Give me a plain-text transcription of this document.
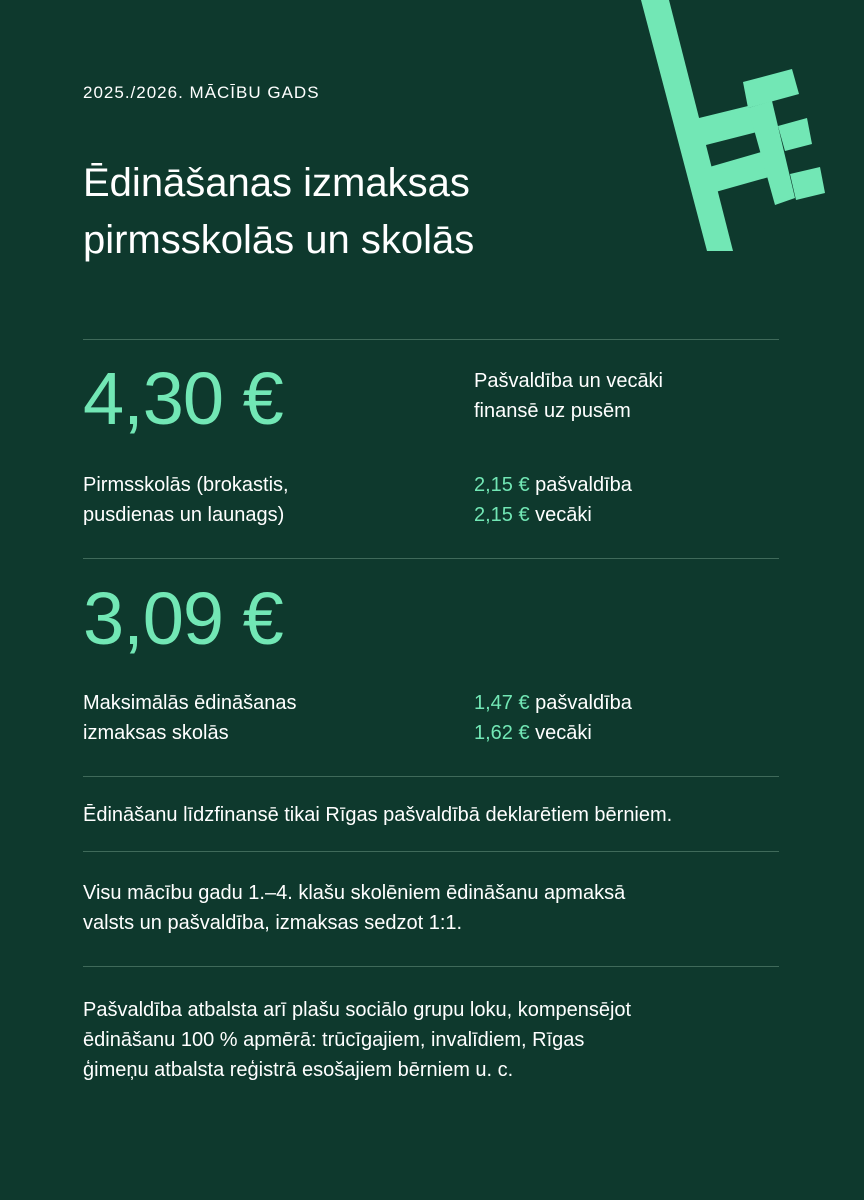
2025./2026. MĀCĪBU GADS
Ēdināšanas izmaksas
pirmsskolās un skolās
4,30 €	Pašvaldība un vecāki
finansē uz pusēm
Pirmsskolās (brokastis,
pusdienas un launags)
2,15 € pašvaldība
2,15 € vecāki
3,09 €
Maksimālās ēdināšanas
izmaksas skolās
1,47 € pašvaldība
1,62 € vecāki
Ēdināšanu līdzfinansē tikai Rīgas pašvaldībā deklarētiem bērniem.
Visu mācību gadu 1.–4. klašu skolēniem ēdināšanu apmaksā
valsts un pašvaldība, izmaksas sedzot 1:1.
Pašvaldība atbalsta arī plašu sociālo grupu loku, kompensējot
ēdināšanu 100 % apmērā: trūcīgajiem, invalīdiem, Rīgas
ģimeņu atbalsta reģistrā esošajiem bērniem u. c.
